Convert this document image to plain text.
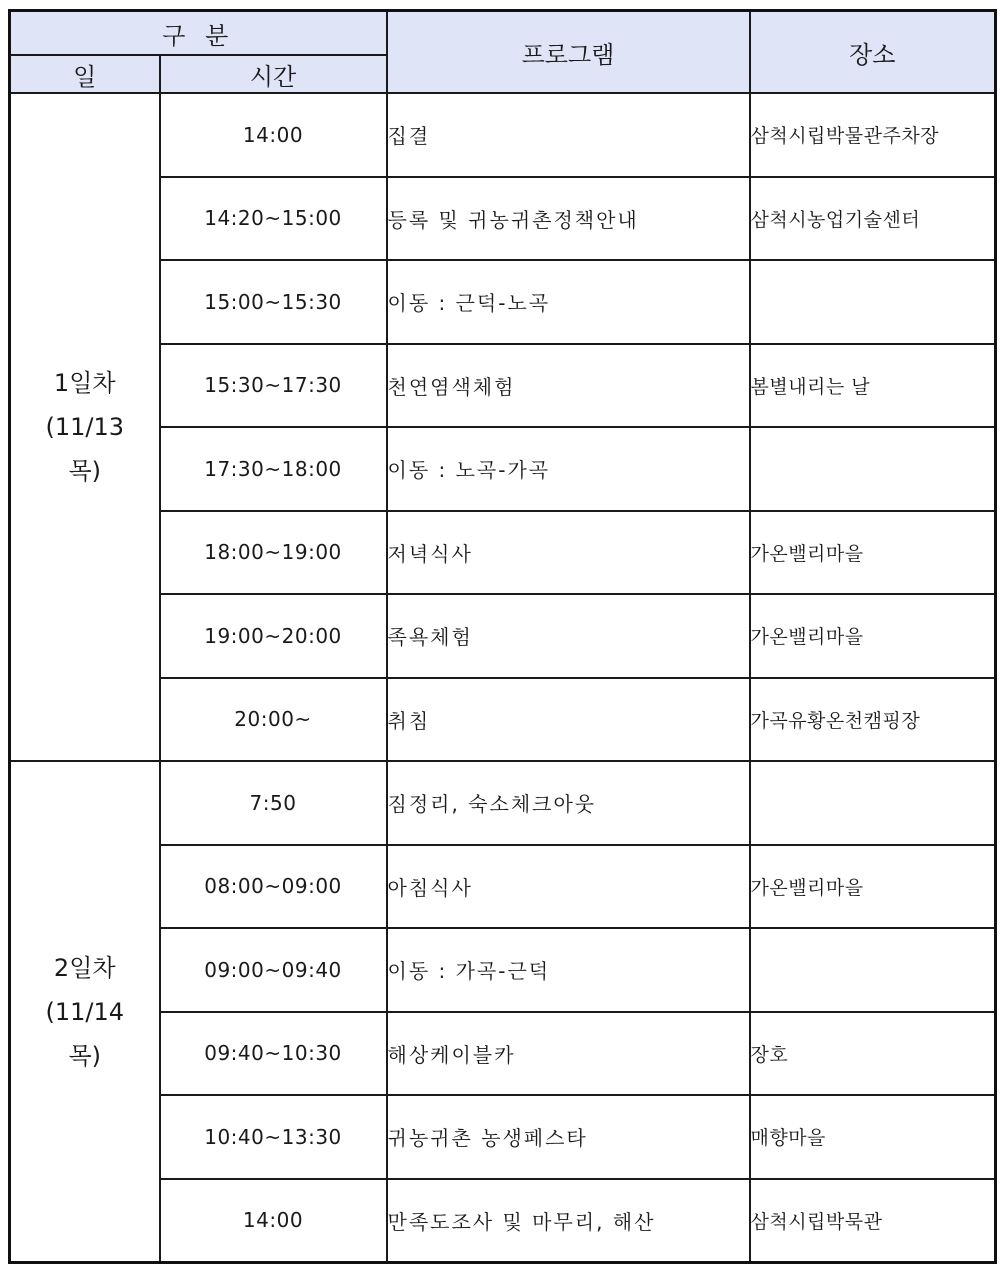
구 분		프로그램	장소
일	시간		

1일차
(11/13
목)	14:00	집결	삼척시립박물관주차장
	14:20~15:00	등록 및 귀농귀촌정책안내	삼척시농업기술센터
	15:00~15:30	이동 : 근덕-노곡	
	15:30~17:30	천연염색체험	봄별내리는 날
	17:30~18:00	이동 : 노곡-가곡	
	18:00~19:00	저녁식사	가온밸리마을
	19:00~20:00	족욕체험	가온밸리마을
	20:00~	취침	가곡유황온천캠핑장

2일차
(11/14
목)	7:50	짐정리, 숙소체크아웃	
	08:00~09:00	아침식사	가온밸리마을
	09:00~09:40	이동 : 가곡-근덕	
	09:40~10:30	해상케이블카	장호
	10:40~13:30	귀농귀촌 농생페스타	매향마을
	14:00	만족도조사 및 마무리, 해산	삼척시립박묵관
